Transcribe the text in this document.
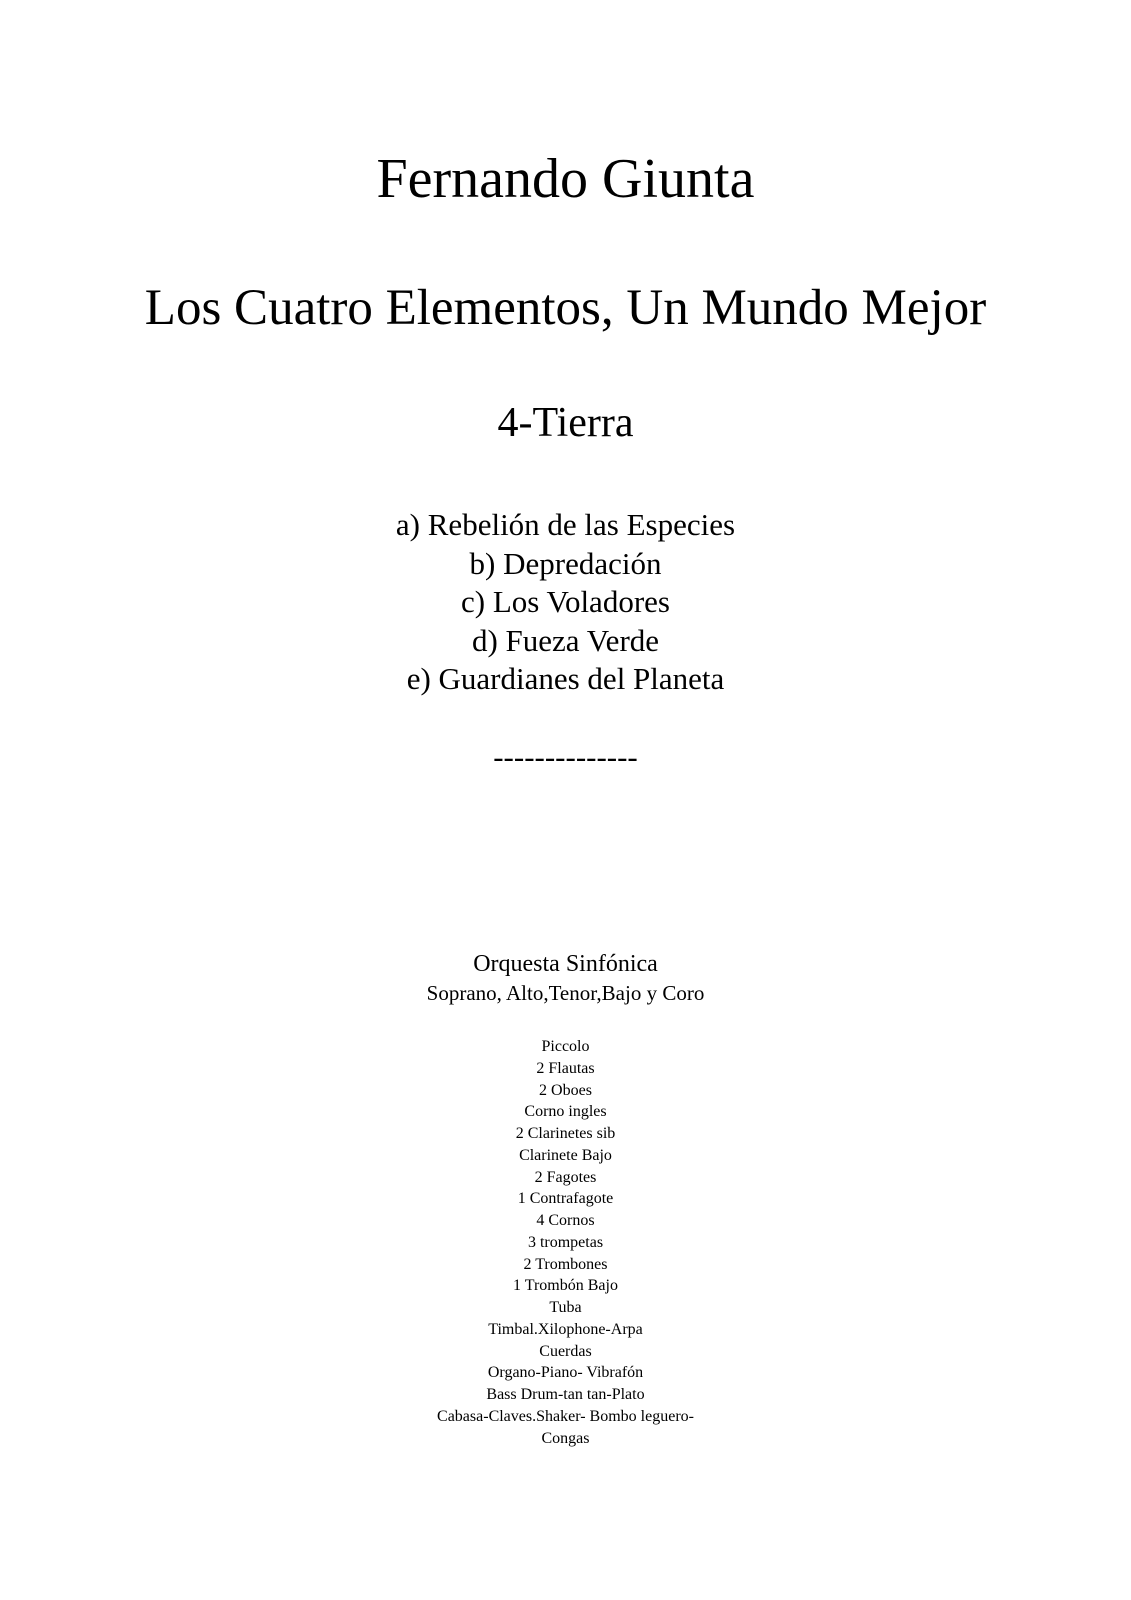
Fernando Giunta
Los Cuatro Elementos, Un Mundo Mejor
4-Tierra
a) Rebelión de las Especies
b) Depredación
c) Los Voladores
d) Fueza Verde
e) Guardianes del Planeta
--------------
Orquesta Sinfónica
Soprano, Alto,Tenor,Bajo y Coro
Piccolo
2 Flautas
2 Oboes
Corno ingles
2 Clarinetes sib
Clarinete Bajo
2 Fagotes
1 Contrafagote
4 Cornos
3 trompetas
2 Trombones
1 Trombón Bajo
Tuba
Timbal.Xilophone-Arpa
Cuerdas
Organo-Piano- Vibrafón
Bass Drum-tan tan-Plato
Cabasa-Claves.Shaker- Bombo leguero-
Congas
